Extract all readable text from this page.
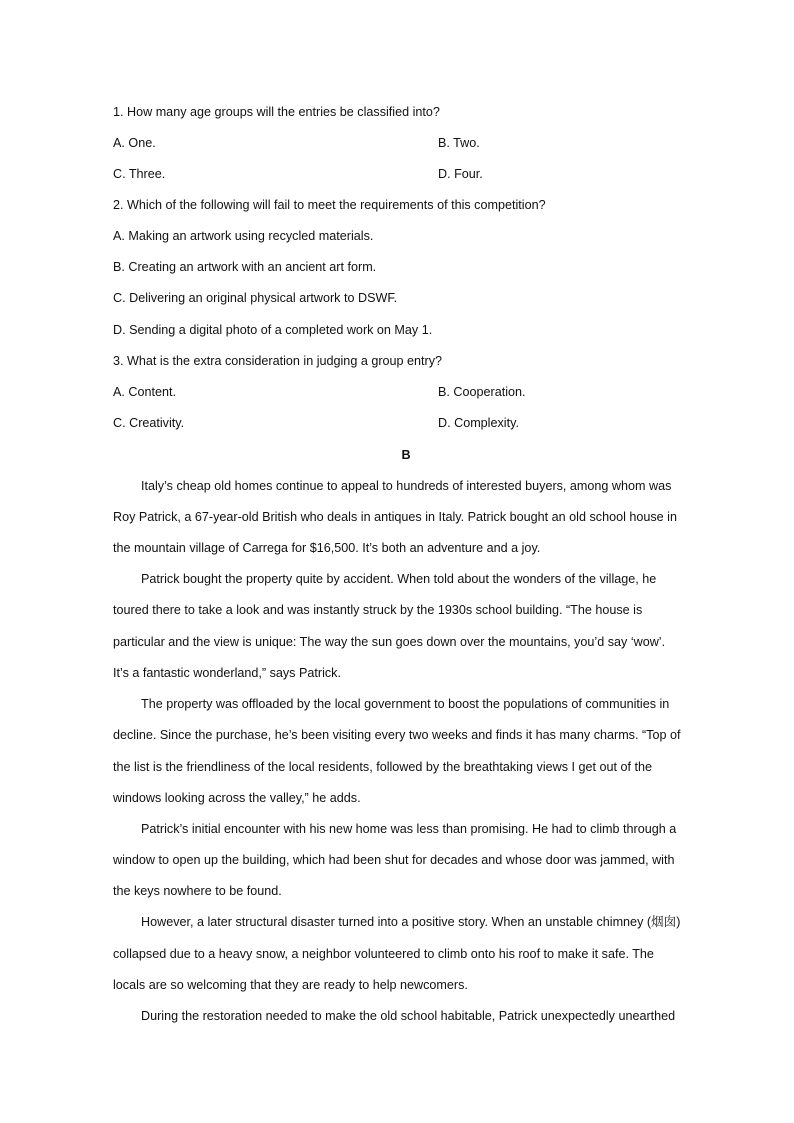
1. How many age groups will the entries be classified into?
A. One.	B. Two.
C. Three.	D. Four.
2. Which of the following will fail to meet the requirements of this competition?
A. Making an artwork using recycled materials.
B. Creating an artwork with an ancient art form.
C. Delivering an original physical artwork to DSWF.
D. Sending a digital photo of a completed work on May 1.
3. What is the extra consideration in judging a group entry?
A. Content.	B. Cooperation.
C. Creativity.	D. Complexity.
B
Italy’s cheap old homes continue to appeal to hundreds of interested buyers, among whom was
Roy Patrick, a 67-year-old British who deals in antiques in Italy. Patrick bought an old school house in
the mountain village of Carrega for $16,500. It’s both an adventure and a joy.
Patrick bought the property quite by accident. When told about the wonders of the village, he
toured there to take a look and was instantly struck by the 1930s school building. “The house is
particular and the view is unique: The way the sun goes down over the mountains, you’d say ‘wow’.
It’s a fantastic wonderland,” says Patrick.
The property was offloaded by the local government to boost the populations of communities in
decline. Since the purchase, he’s been visiting every two weeks and finds it has many charms. “Top of
the list is the friendliness of the local residents, followed by the breathtaking views I get out of the
windows looking across the valley,” he adds.
Patrick’s initial encounter with his new home was less than promising. He had to climb through a
window to open up the building, which had been shut for decades and whose door was jammed, with
the keys nowhere to be found.
However, a later structural disaster turned into a positive story. When an unstable chimney (烟囱)
collapsed due to a heavy snow, a neighbor volunteered to climb onto his roof to make it safe. The
locals are so welcoming that they are ready to help newcomers.
During the restoration needed to make the old school habitable, Patrick unexpectedly unearthed
